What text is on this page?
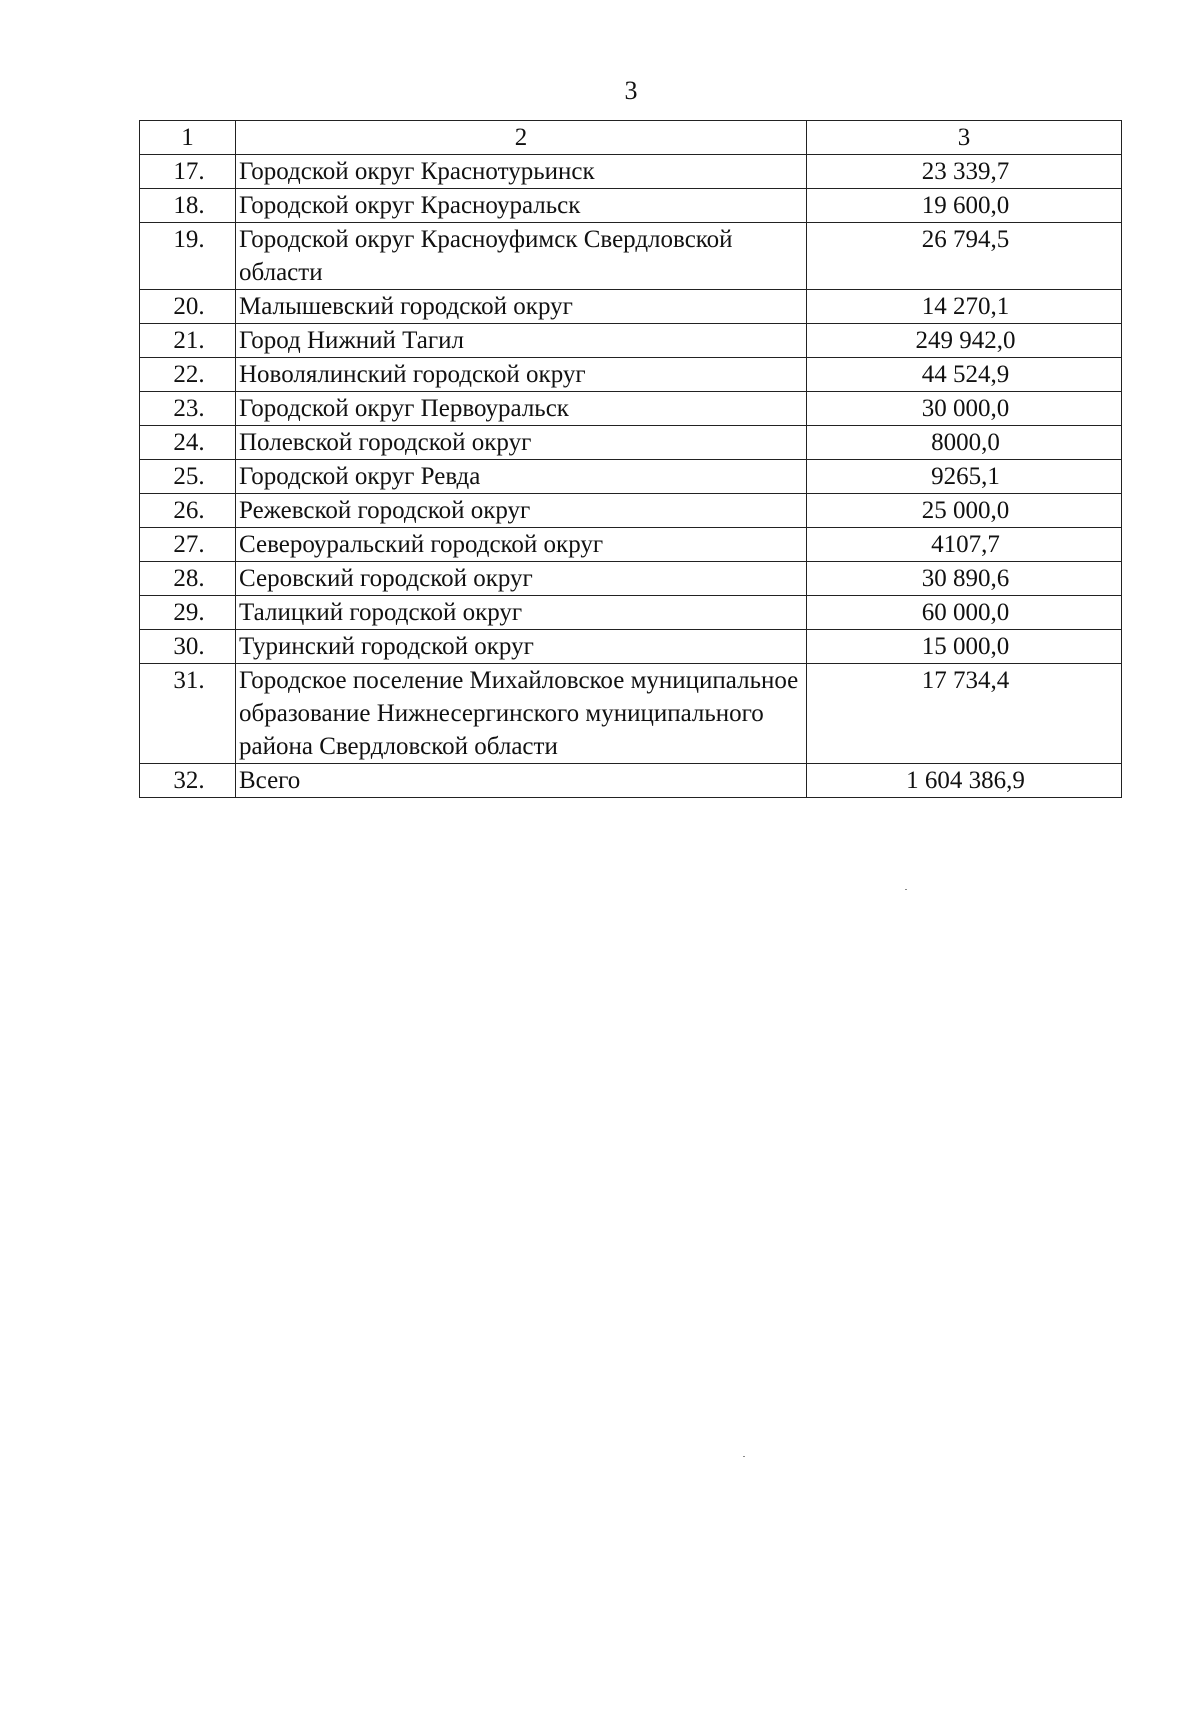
3
1	2	3
17.	Городской округ Краснотурьинск	23 339,7
18.	Городской округ Красноуральск	19 600,0
19.	Городской округ Красноуфимск Свердловской области	26 794,5
20.	Малышевский городской округ	14 270,1
21.	Город Нижний Тагил	249 942,0
22.	Новолялинский городской округ	44 524,9
23.	Городской округ Первоуральск	30 000,0
24.	Полевской городской округ	8000,0
25.	Городской округ Ревда	9265,1
26.	Режевской городской округ	25 000,0
27.	Североуральский городской округ	4107,7
28.	Серовский городской округ	30 890,6
29.	Талицкий городской округ	60 000,0
30.	Туринский городской округ	15 000,0
31.	Городское поселение Михайловское муниципальное образование Нижнесергинского муниципального района Свердловской области	17 734,4
32.	Всего	1 604 386,9
